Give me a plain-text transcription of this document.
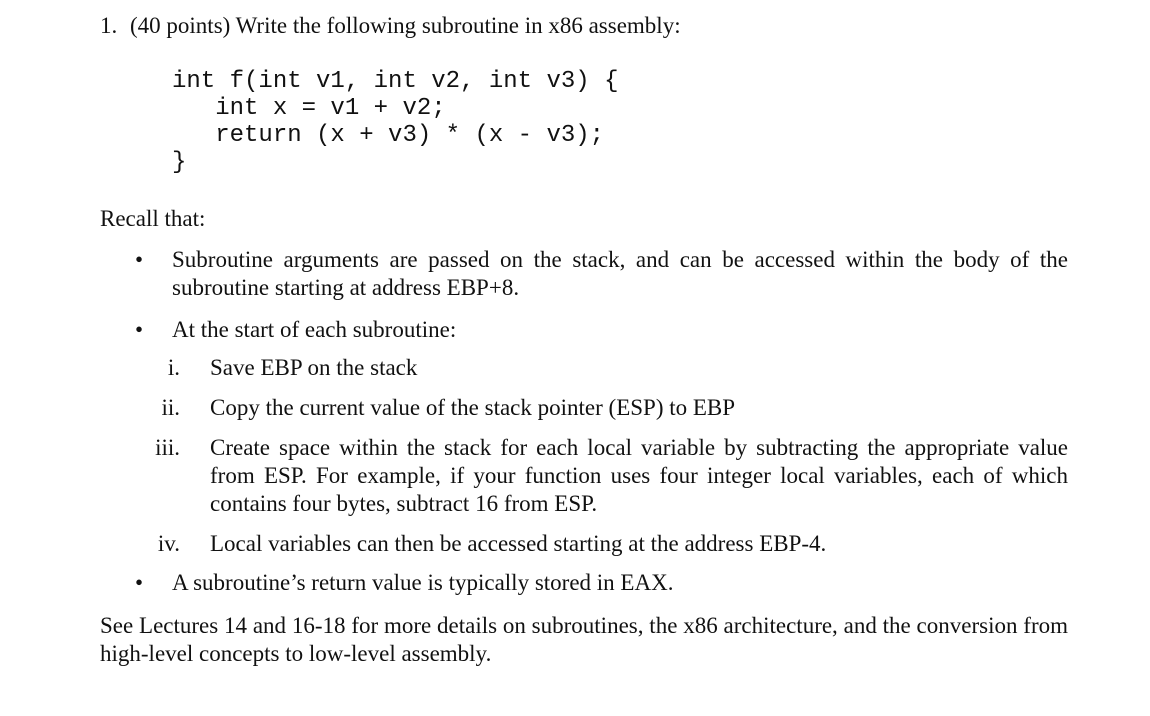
1. (40 points) Write the following subroutine in x86 assembly:
int f(int v1, int v2, int v3) {
int x = v1 + v2;
return (x + v3) * (x - v3);
}
Recall that:
•	Subroutine arguments are passed on the stack, and can be accessed within the body of the subroutine starting at address EBP+8.
•	At the start of each subroutine:
i. Save EBP on the stack
ii. Copy the current value of the stack pointer (ESP) to EBP
iii. Create space within the stack for each local variable by subtracting the appropriate value from ESP. For example, if your function uses four integer local variables, each of which contains four bytes, subtract 16 from ESP.
iv. Local variables can then be accessed starting at the address EBP-4.
•	A subroutine’s return value is typically stored in EAX.
See Lectures 14 and 16-18 for more details on subroutines, the x86 architecture, and the conversion from high-level concepts to low-level assembly.
